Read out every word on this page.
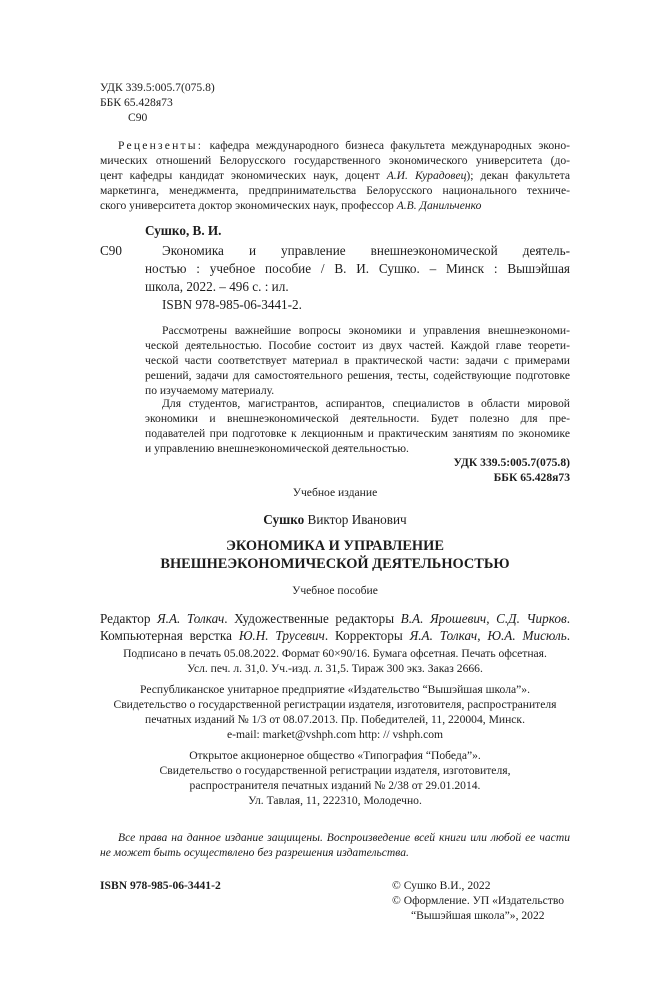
УДК 339.5:005.7(075.8)
ББК 65.428я73
С90
Рецензенты: кафедра международного бизнеса факультета международных эконо-
мических отношений Белорусского государственного экономического университета (до-
цент кафедры кандидат экономических наук, доцент А.И. Курадовец); декан факультета
маркетинга, менеджмента, предпринимательства Белорусского национального техниче-
ского университета доктор экономических наук, профессор А.В. Данильченко
Сушко, В. И.
С90	Экономика и управление внешнеэкономической деятель-
ностью : учебное пособие / В. И. Сушко. – Минск : Вышэйшая
школа, 2022. – 496 с. : ил.
ISBN 978-985-06-3441-2.
Рассмотрены важнейшие вопросы экономики и управления внешнеэкономи-
ческой деятельностью. Пособие состоит из двух частей. Каждой главе теорети-
ческой части соответствует материал в практической части: задачи с примерами
решений, задачи для самостоятельного решения, тесты, содействующие подготовке
по изучаемому материалу.
Для студентов, магистрантов, аспирантов, специалистов в области мировой
экономики и внешнеэкономической деятельности. Будет полезно для пре-
подавателей при подготовке к лекционным и практическим занятиям по экономике
и управлению внешнеэкономической деятельностью.
УДК 339.5:005.7(075.8)
ББК 65.428я73
Учебное издание
Сушко Виктор Иванович
ЭКОНОМИКА И УПРАВЛЕНИЕ
ВНЕШНЕЭКОНОМИЧЕСКОЙ ДЕЯТЕЛЬНОСТЬЮ
Учебное пособие
Редактор Я.А. Толкач. Художественные редакторы В.А. Ярошевич, С.Д. Чирков.
Компьютерная верстка Ю.Н. Трусевич. Корректоры Я.А. Толкач, Ю.А. Мисюль.
Подписано в печать 05.08.2022. Формат 60×90/16. Бумага офсетная. Печать офсетная.
Усл. печ. л. 31,0. Уч.-изд. л. 31,5. Тираж 300 экз. Заказ 2666.
Республиканское унитарное предприятие «Издательство “Вышэйшая школа”».
Свидетельство о государственной регистрации издателя, изготовителя, распространителя
печатных изданий № 1/3 от 08.07.2013. Пр. Победителей, 11, 220004, Минск.
e-mail: market@vshph.com http: // vshph.com
Открытое акционерное общество «Типография “Победа”».
Свидетельство о государственной регистрации издателя, изготовителя,
распространителя печатных изданий № 2/38 от 29.01.2014.
Ул. Тавлая, 11, 222310, Молодечно.
Все права на данное издание защищены. Воспроизведение всей книги или любой ее части
не может быть осуществлено без разрешения издательства.
ISBN 978-985-06-3441-2	© Сушко В.И., 2022
© Оформление. УП «Издательство
“Вышэйшая школа”», 2022
